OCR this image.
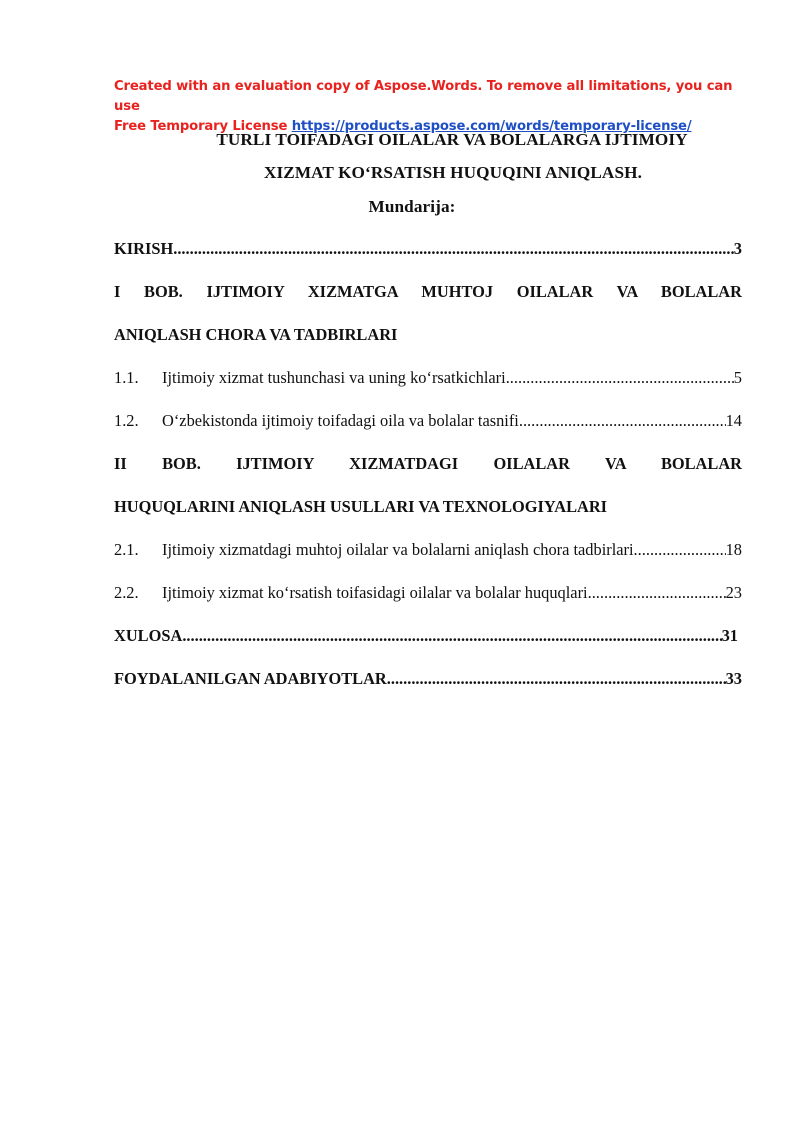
Created with an evaluation copy of Aspose.Words. To remove all limitations, you can use
Free Temporary License https://products.aspose.com/words/temporary-license/
TURLI TOIFADAGI OILALAR VA BOLALARGA IJTIMOIY
XIZMAT KO‘RSATISH HUQUQINI ANIQLASH.
Mundarija:
KIRISH .....	3
I BOB. IJTIMOIY XIZMATGA MUHTOJ OILALAR VA BOLALAR
ANIQLASH CHORA VA TADBIRLARI
1.1.	Ijtimoiy xizmat tushunchasi va uning ko‘rsatkichlari .....	5
1.2.	O‘zbekistonda ijtimoiy toifadagi oila va bolalar tasnifi .....	14
II BOB. IJTIMOIY XIZMATDAGI OILALAR VA BOLALAR
HUQUQLARINI ANIQLASH USULLARI VA TEXNOLOGIYALARI
2.1.	Ijtimoiy xizmatdagi muhtoj oilalar va bolalarni aniqlash chora tadbirlari .....	18
2.2.	Ijtimoiy xizmat ko‘rsatish toifasidagi oilalar va bolalar huquqlari .....	23
XULOSA .....	31
FOYDALANILGAN ADABIYOTLAR .....	33
